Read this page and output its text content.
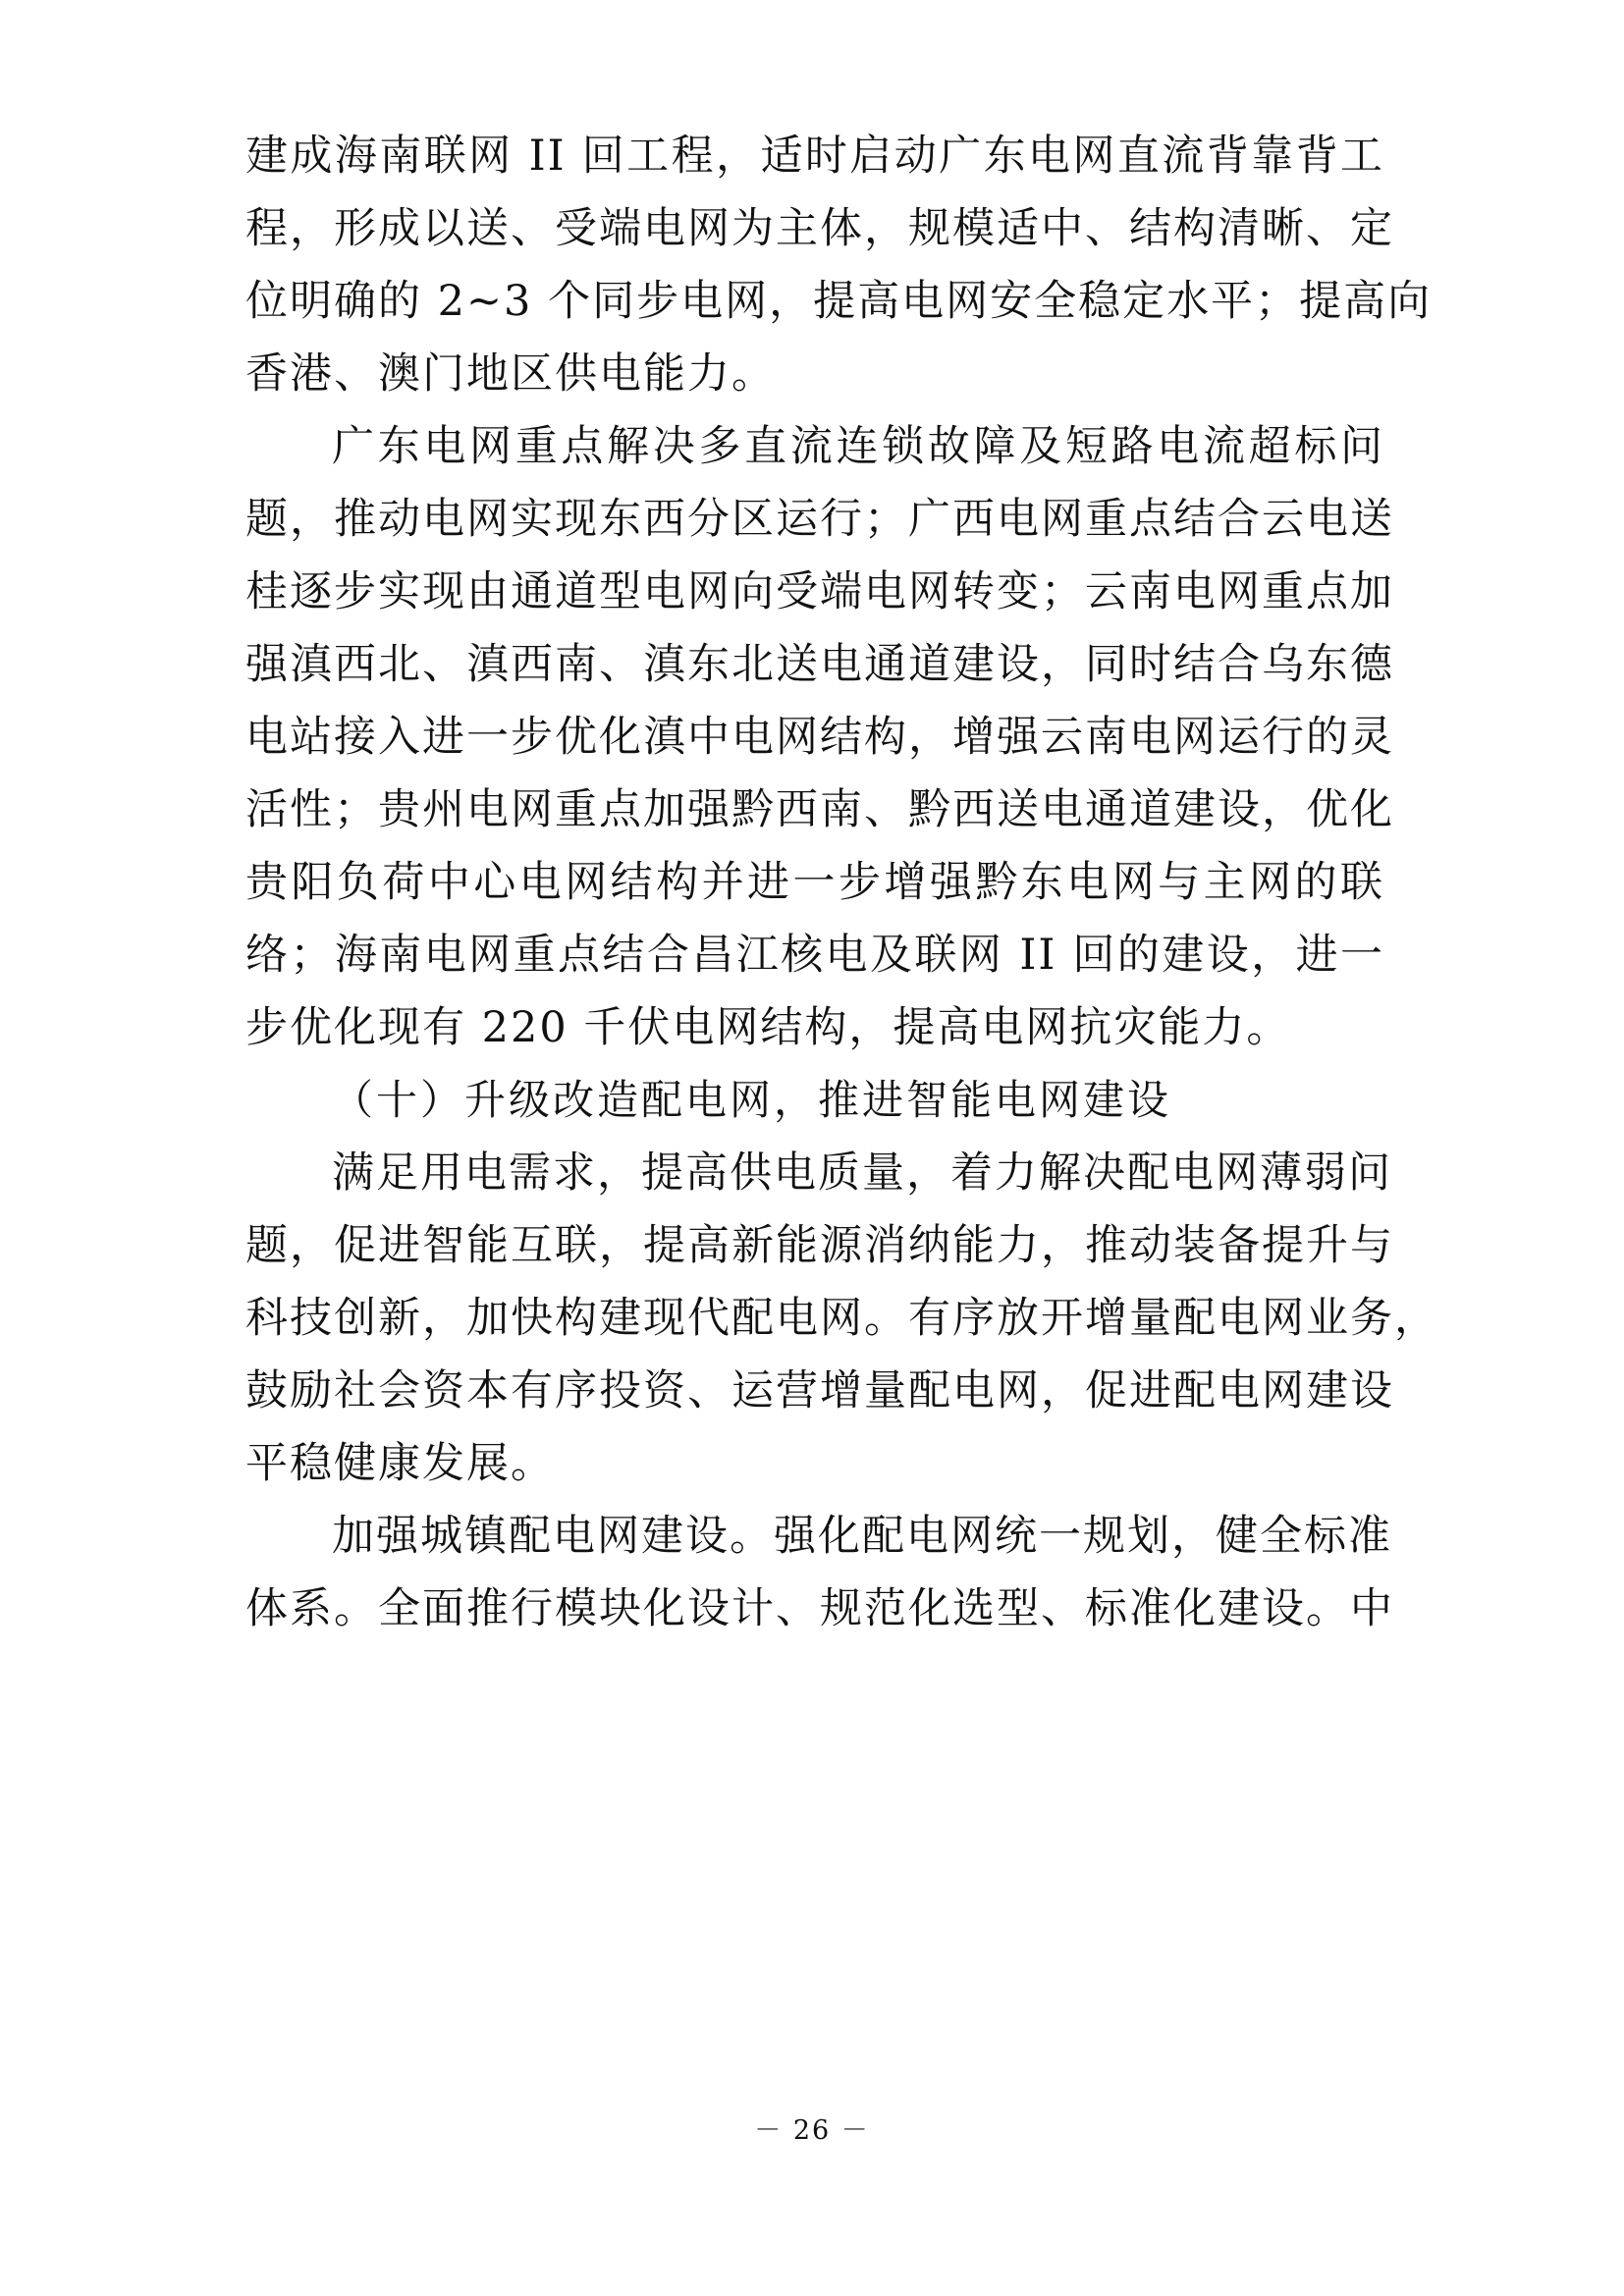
建成海南联网 II 回工程，适时启动广东电网直流背靠背工
程，形成以送、受端电网为主体，规模适中、结构清晰、定
位明确的 2~3 个同步电网，提高电网安全稳定水平；提高向
香港、澳门地区供电能力。
广东电网重点解决多直流连锁故障及短路电流超标问
题，推动电网实现东西分区运行；广西电网重点结合云电送
桂逐步实现由通道型电网向受端电网转变；云南电网重点加
强滇西北、滇西南、滇东北送电通道建设，同时结合乌东德
电站接入进一步优化滇中电网结构，增强云南电网运行的灵
活性；贵州电网重点加强黔西南、黔西送电通道建设，优化
贵阳负荷中心电网结构并进一步增强黔东电网与主网的联
络；海南电网重点结合昌江核电及联网 II 回的建设，进一
步优化现有 220 千伏电网结构，提高电网抗灾能力。
（十）升级改造配电网，推进智能电网建设
满足用电需求，提高供电质量，着力解决配电网薄弱问
题，促进智能互联，提高新能源消纳能力，推动装备提升与
科技创新，加快构建现代配电网。有序放开增量配电网业务，
鼓励社会资本有序投资、运营增量配电网，促进配电网建设
平稳健康发展。
加强城镇配电网建设。强化配电网统一规划，健全标准
体系。全面推行模块化设计、规范化选型、标准化建设。中
－ 26 －
